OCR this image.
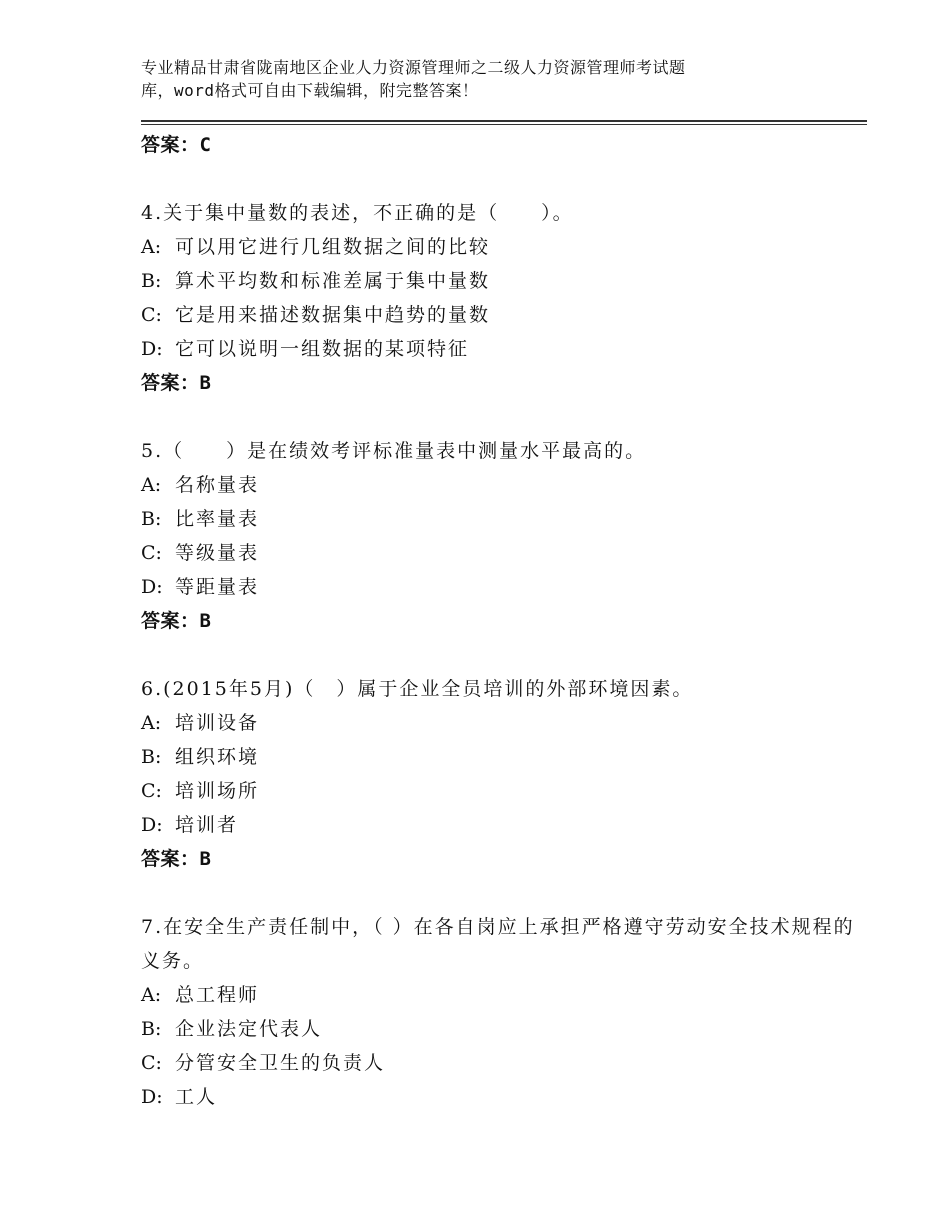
专业精品甘肃省陇南地区企业人力资源管理师之二级人力资源管理师考试题
库，word格式可自由下载编辑，附完整答案！
答案：C
4.关于集中量数的表述，不正确的是（　　）。
A: 可以用它进行几组数据之间的比较
B: 算术平均数和标准差属于集中量数
C: 它是用来描述数据集中趋势的量数
D: 它可以说明一组数据的某项特征
答案：B
5.（　　）是在绩效考评标准量表中测量水平最高的。
A: 名称量表
B: 比率量表
C: 等级量表
D: 等距量表
答案：B
6.(2015年5月)（　）属于企业全员培训的外部环境因素。
A: 培训设备
B: 组织环境
C: 培训场所
D: 培训者
答案：B
7.在安全生产责任制中，（ ）在各自岗应上承担严格遵守劳动安全技术规程的义务。
A: 总工程师
B: 企业法定代表人
C: 分管安全卫生的负责人
D: 工人
